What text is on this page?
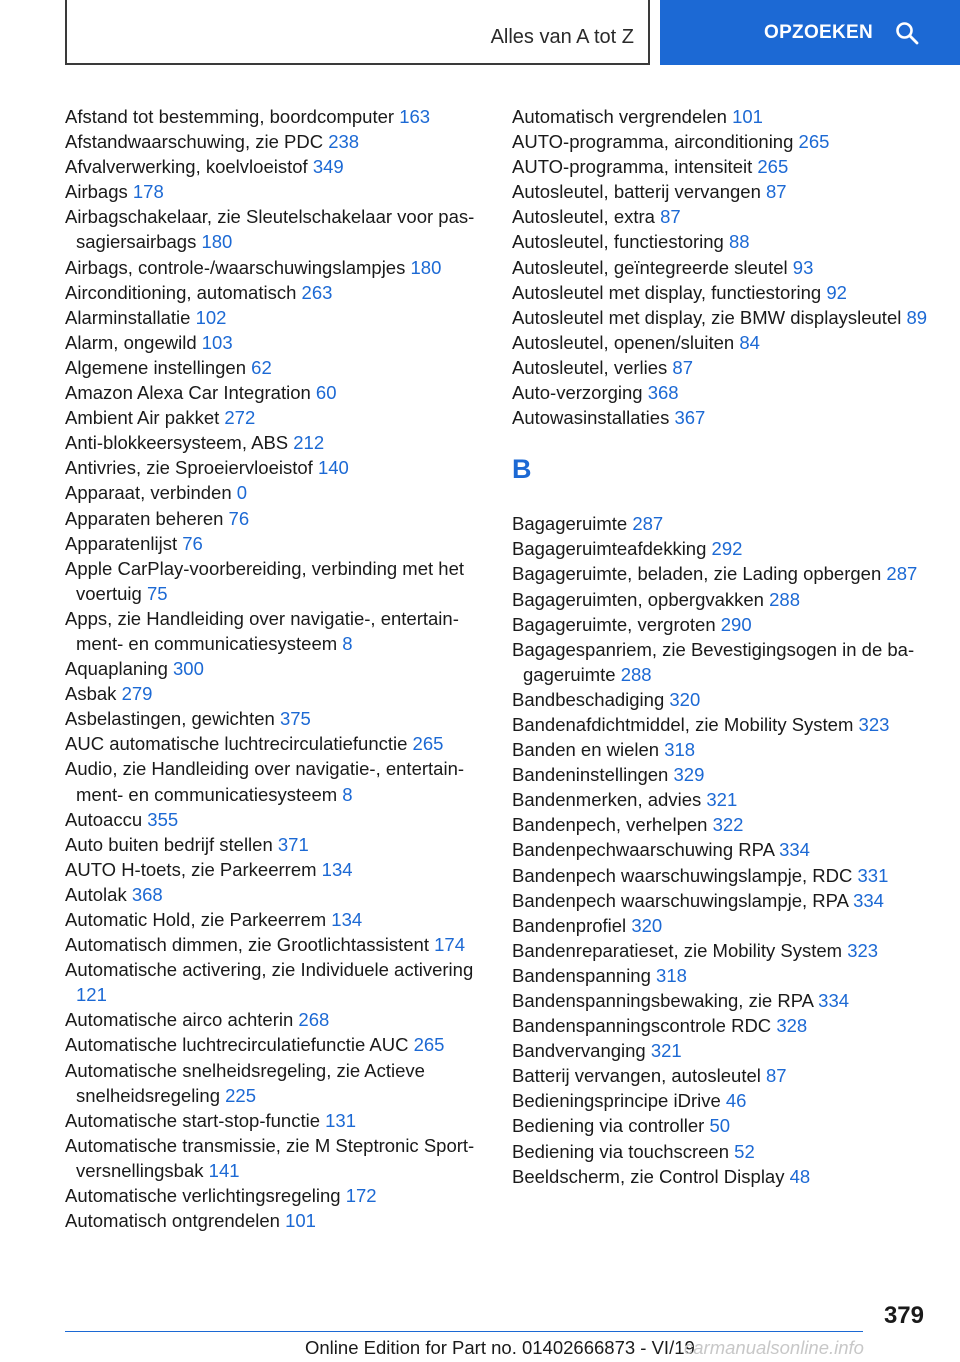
Alles van A tot Z	OPZOEKEN
Afstand tot bestemming, boordcomputer 163
Afstandwaarschuwing, zie PDC 238
Afvalverwerking, koelvloeistof 349
Airbags 178
Airbagschakelaar, zie Sleutelschakelaar voor passagiersairbags 180
Airbags, controle-/waarschuwingslampjes 180
Airconditioning, automatisch 263
Alarminstallatie 102
Alarm, ongewild 103
Algemene instellingen 62
Amazon Alexa Car Integration 60
Ambient Air pakket 272
Anti-blokkeersysteem, ABS 212
Antivries, zie Sproeiervloeistof 140
Apparaat, verbinden 0
Apparaten beheren 76
Apparatenlijst 76
Apple CarPlay-voorbereiding, verbinding met het voertuig 75
Apps, zie Handleiding over navigatie-, entertainment- en communicatiesysteem 8
Aquaplaning 300
Asbak 279
Asbelastingen, gewichten 375
AUC automatische luchtrecirculatiefunctie 265
Audio, zie Handleiding over navigatie-, entertainment- en communicatiesysteem 8
Autoaccu 355
Auto buiten bedrijf stellen 371
AUTO H-toets, zie Parkeerrem 134
Autolak 368
Automatic Hold, zie Parkeerrem 134
Automatisch dimmen, zie Grootlichtassistent 174
Automatische activering, zie Individuele activering 121
Automatische airco achterin 268
Automatische luchtrecirculatiefunctie AUC 265
Automatische snelheidsregeling, zie Actieve snelheidsregeling 225
Automatische start-stop-functie 131
Automatische transmissie, zie M Steptronic Sport-versnellingsbak 141
Automatische verlichtingsregeling 172
Automatisch ontgrendelen 101
Automatisch vergrendelen 101
AUTO-programma, airconditioning 265
AUTO-programma, intensiteit 265
Autosleutel, batterij vervangen 87
Autosleutel, extra 87
Autosleutel, functiestoring 88
Autosleutel, geïntegreerde sleutel 93
Autosleutel met display, functiestoring 92
Autosleutel met display, zie BMW displaysleutel 89
Autosleutel, openen/sluiten 84
Autosleutel, verlies 87
Auto-verzorging 368
Autowasinstallaties 367
B
Bagageruimte 287
Bagageruimteafdekking 292
Bagageruimte, beladen, zie Lading opbergen 287
Bagageruimten, opbergvakken 288
Bagageruimte, vergroten 290
Bagagespanriem, zie Bevestigingsogen in de bagageruimte 288
Bandbeschadiging 320
Bandenafdichtmiddel, zie Mobility System 323
Banden en wielen 318
Bandeninstellingen 329
Bandenmerken, advies 321
Bandenpech, verhelpen 322
Bandenpechwaarschuwing RPA 334
Bandenpech waarschuwingslampje, RDC 331
Bandenpech waarschuwingslampje, RPA 334
Bandenprofiel 320
Bandenreparatieset, zie Mobility System 323
Bandenspanning 318
Bandenspanningsbewaking, zie RPA 334
Bandenspanningscontrole RDC 328
Bandvervanging 321
Batterij vervangen, autosleutel 87
Bedieningsprincipe iDrive 46
Bediening via controller 50
Bediening via touchscreen 52
Beeldscherm, zie Control Display 48
379
Online Edition for Part no. 01402666873 - VI/19
carmanualsonline.info
